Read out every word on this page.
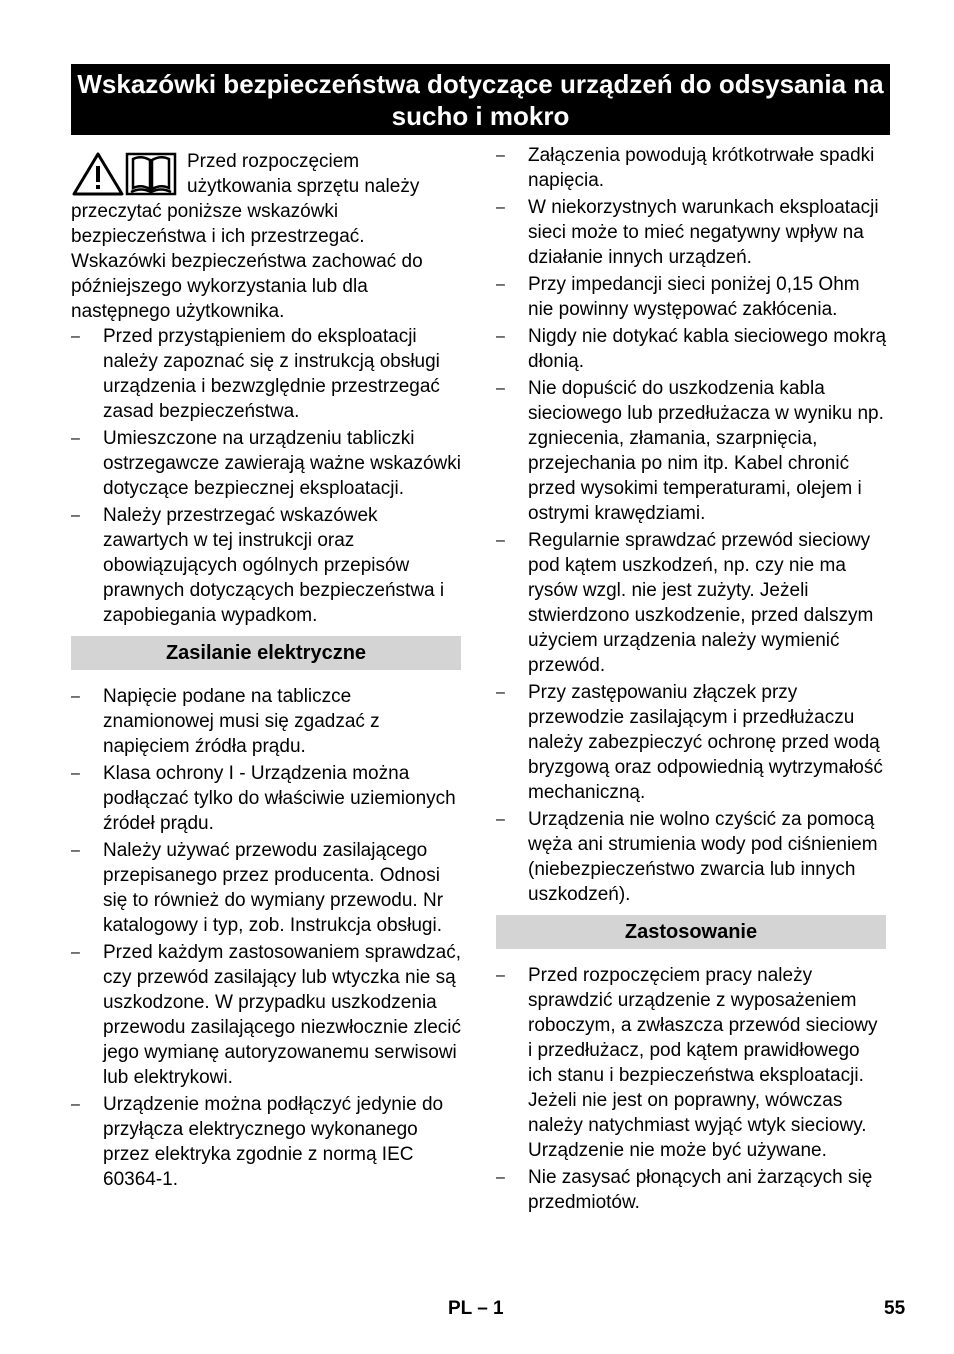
Wskazówki bezpieczeństwa dotyczące urządzeń do odsysania na sucho i mokro

Przed rozpoczęciem użytkowania sprzętu należy przeczytać poniższe wskazówki bezpieczeństwa i ich przestrzegać. Wskazówki bezpieczeństwa zachować do późniejszego wykorzystania lub dla następnego użytkownika.

– Przed przystąpieniem do eksploatacji należy zapoznać się z instrukcją obsługi urządzenia i bezwzględnie przestrzegać zasad bezpieczeństwa.
– Umieszczone na urządzeniu tabliczki ostrzegawcze zawierają ważne wskazówki dotyczące bezpiecznej eksploatacji.
– Należy przestrzegać wskazówek zawartych w tej instrukcji oraz obowiązujących ogólnych przepisów prawnych dotyczących bezpieczeństwa i zapobiegania wypadkom.
Zasilanie elektryczne
– Napięcie podane na tabliczce znamionowej musi się zgadzać z napięciem źródła prądu.
– Klasa ochrony I - Urządzenia można podłączać tylko do właściwie uziemionych źródeł prądu.
– Należy używać przewodu zasilającego przepisanego przez producenta. Odnosi się to również do wymiany przewodu. Nr katalogowy i typ, zob. Instrukcja obsługi.
– Przed każdym zastosowaniem sprawdzać, czy przewód zasilający lub wtyczka nie są uszkodzone. W przypadku uszkodzenia przewodu zasilającego niezwłocznie zlecić jego wymianę autoryzowanemu serwisowi lub elektrykowi.
– Urządzenie można podłączyć jedynie do przyłącza elektrycznego wykonanego przez elektryka zgodnie z normą IEC 60364-1.
– Załączenia powodują krótkotrwałe spadki napięcia.
– W niekorzystnych warunkach eksploatacji sieci może to mieć negatywny wpływ na działanie innych urządzeń.
– Przy impedancji sieci poniżej 0,15 Ohm nie powinny występować zakłócenia.
– Nigdy nie dotykać kabla sieciowego mokrą dłonią.
– Nie dopuścić do uszkodzenia kabla sieciowego lub przedłużacza w wyniku np. zgniecenia, złamania, szarpnięcia, przejechania po nim itp. Kabel chronić przed wysokimi temperaturami, olejem i ostrymi krawędziami.
– Regularnie sprawdzać przewód sieciowy pod kątem uszkodzeń, np. czy nie ma rysów wzgl. nie jest zużyty. Jeżeli stwierdzono uszkodzenie, przed dalszym użyciem urządzenia należy wymienić przewód.
– Przy zastępowaniu złączek przy przewodzie zasilającym i przedłużaczu należy zabezpieczyć ochronę przed wodą bryzgową oraz odpowiednią wytrzymałość mechaniczną.
– Urządzenia nie wolno czyścić za pomocą węża ani strumienia wody pod ciśnieniem (niebezpieczeństwo zwarcia lub innych uszkodzeń).
Zastosowanie
– Przed rozpoczęciem pracy należy sprawdzić urządzenie z wyposażeniem roboczym, a zwłaszcza przewód sieciowy i przedłużacz, pod kątem prawidłowego ich stanu i bezpieczeństwa eksploatacji. Jeżeli nie jest on poprawny, wówczas należy natychmiast wyjąć wtyk sieciowy. Urządzenie nie może być używane.
– Nie zasysać płonących ani żarzących się przedmiotów.
PL – 1	55
